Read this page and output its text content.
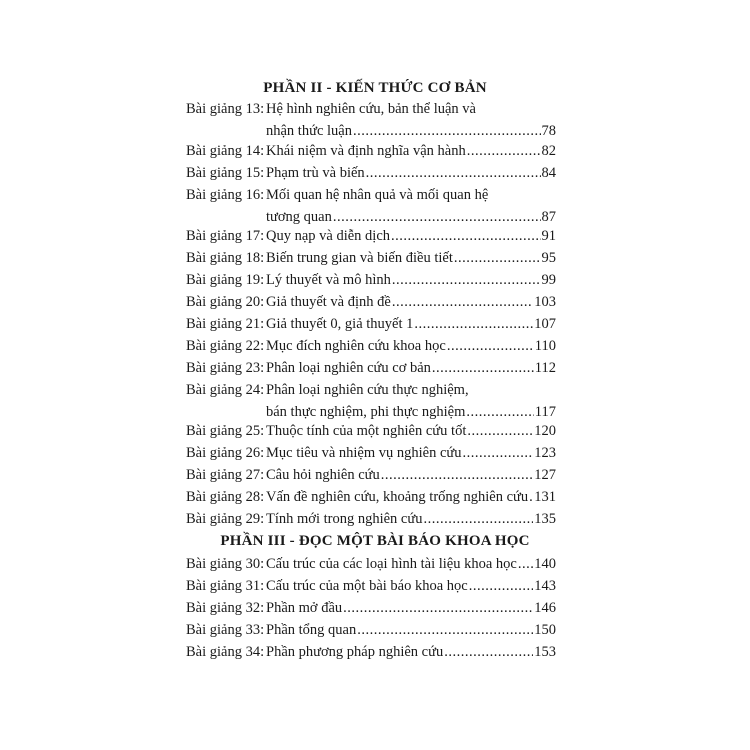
PHẦN II - KIẾN THỨC CƠ BẢN
Bài giảng 13: Hệ hình nghiên cứu, bản thể luận và
nhận thức luận .....	78
Bài giảng 14: Khái niệm và định nghĩa vận hành .....	82
Bài giảng 15: Phạm trù và biến .....	84
Bài giảng 16: Mối quan hệ nhân quả và mối quan hệ
tương quan .....	87
Bài giảng 17: Quy nạp và diễn dịch .....	91
Bài giảng 18: Biến trung gian và biến điều tiết .....	95
Bài giảng 19: Lý thuyết và mô hình .....	99
Bài giảng 20: Giả thuyết và định đề .....	103
Bài giảng 21: Giả thuyết 0, giả thuyết 1 .....	107
Bài giảng 22: Mục đích nghiên cứu khoa học .....	110
Bài giảng 23: Phân loại nghiên cứu cơ bản .....	112
Bài giảng 24: Phân loại nghiên cứu thực nghiệm,
bán thực nghiệm, phi thực nghiệm .....	117
Bài giảng 25: Thuộc tính của một nghiên cứu tốt .....	120
Bài giảng 26: Mục tiêu và nhiệm vụ nghiên cứu .....	123
Bài giảng 27: Câu hỏi nghiên cứu .....	127
Bài giảng 28: Vấn đề nghiên cứu, khoảng trống nghiên cứu ..... 131
Bài giảng 29: Tính mới trong nghiên cứu .....	135
PHẦN III - ĐỌC MỘT BÀI BÁO KHOA HỌC
Bài giảng 30: Cấu trúc của các loại hình tài liệu khoa học ..... 140
Bài giảng 31: Cấu trúc của một bài báo khoa học .....	143
Bài giảng 32: Phần mở đầu .....	146
Bài giảng 33: Phần tổng quan .....	150
Bài giảng 34: Phần phương pháp nghiên cứu .....	153
